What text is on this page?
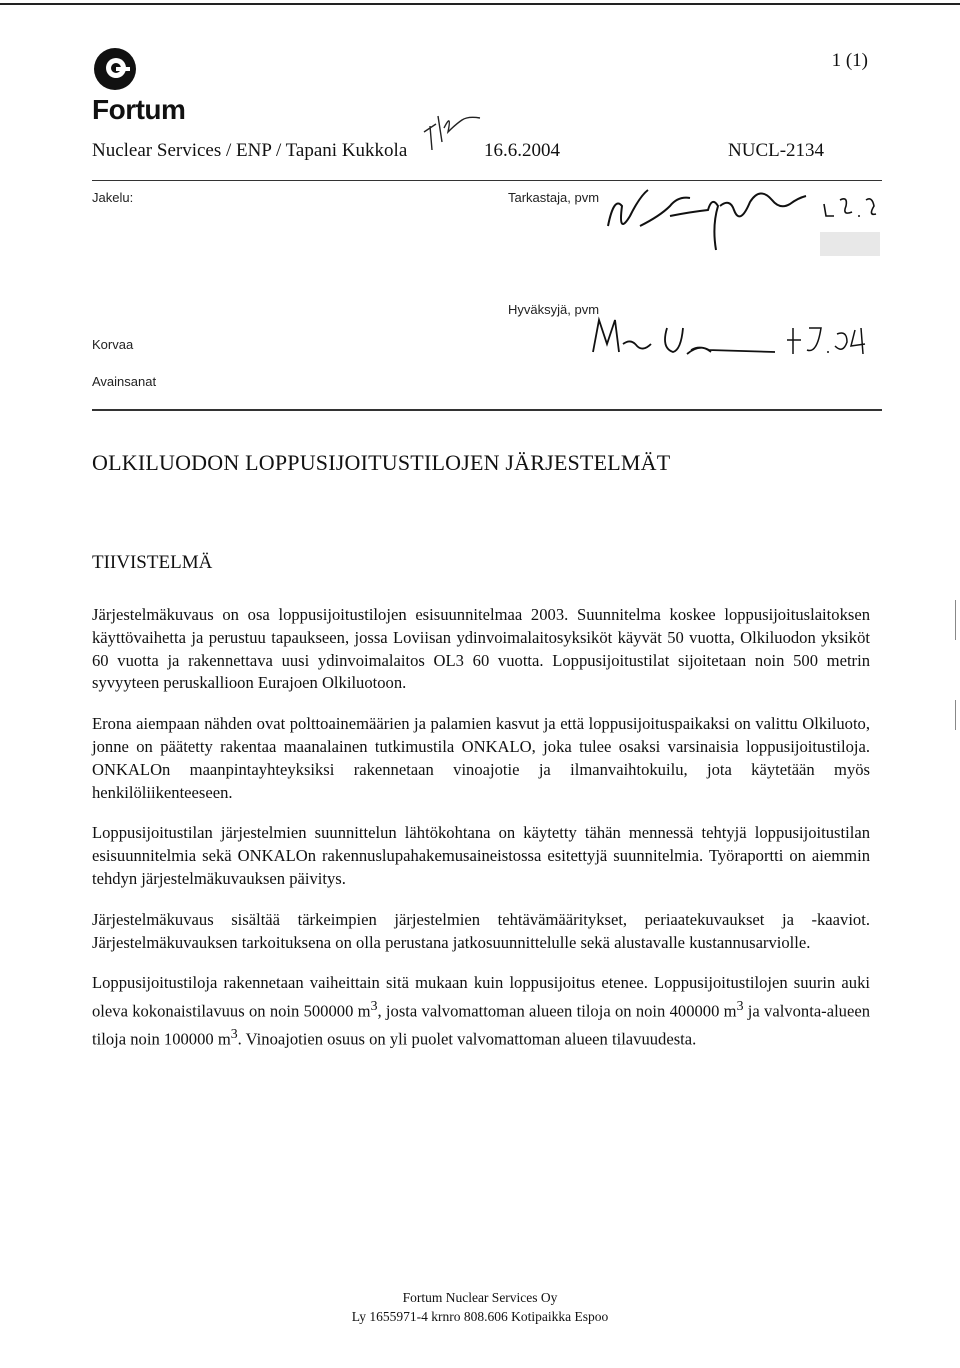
1 (1)
Fortum
Nuclear Services / ENP / Tapani Kukkola	16.6.2004	NUCL-2134
Jakelu:	Tarkastaja, pvm
Hyväksyjä, pvm
Korvaa
Avainsanat
OLKILUODON LOPPUSIJOITUSTILOJEN JÄRJESTELMÄT
TIIVISTELMÄ

Järjestelmäkuvaus on osa loppusijoitustilojen esisuunnitelmaa 2003. Suunnitelma koskee loppusijoituslaitoksen käyttövaihetta ja perustuu tapaukseen, jossa Loviisan ydinvoimalaitosyksiköt käyvät 50 vuotta, Olkiluodon yksiköt 60 vuotta ja rakennettava uusi ydinvoimalaitos OL3 60 vuotta. Loppusijoitustilat sijoitetaan noin 500 metrin syvyyteen peruskallioon Eurajoen Olkiluotoon.

Erona aiempaan nähden ovat polttoainemäärien ja palamien kasvut ja että loppusijoituspaikaksi on valittu Olkiluoto, jonne on päätetty rakentaa maanalainen tutkimustila ONKALO, joka tulee osaksi varsinaisia loppusijoitustiloja. ONKALOn maanpintayhteyksiksi rakennetaan vinoajotie ja ilmanvaihtokuilu, jota käytetään myös henkilöliikenteeseen.

Loppusijoitustilan järjestelmien suunnittelun lähtökohtana on käytetty tähän mennessä tehtyjä loppusijoitustilan esisuunnitelmia sekä ONKALOn rakennuslupahakemusaineistossa esitettyjä suunnitelmia. Työraportti on aiemmin tehdyn järjestelmäkuvauksen päivitys.

Järjestelmäkuvaus sisältää tärkeimpien järjestelmien tehtävämääritykset, periaatekuvaukset ja -kaaviot. Järjestelmäkuvauksen tarkoituksena on olla perustana jatkosuunnittelulle sekä alustavalle kustannusarviolle.

Loppusijoitustiloja rakennetaan vaiheittain sitä mukaan kuin loppusijoitus etenee. Loppusijoitustilojen suurin auki oleva kokonaistilavuus on noin 500000 $m^3$, josta valvomattoman alueen tiloja on noin 400000 $m^3$ ja valvonta-alueen tiloja noin 100000 $m^3$. Vinoajotien osuus on yli puolet valvomattoman alueen tilavuudesta.

Fortum Nuclear Services Oy
Ly 1655971-4 krnro 808.606 Kotipaikka Espoo
